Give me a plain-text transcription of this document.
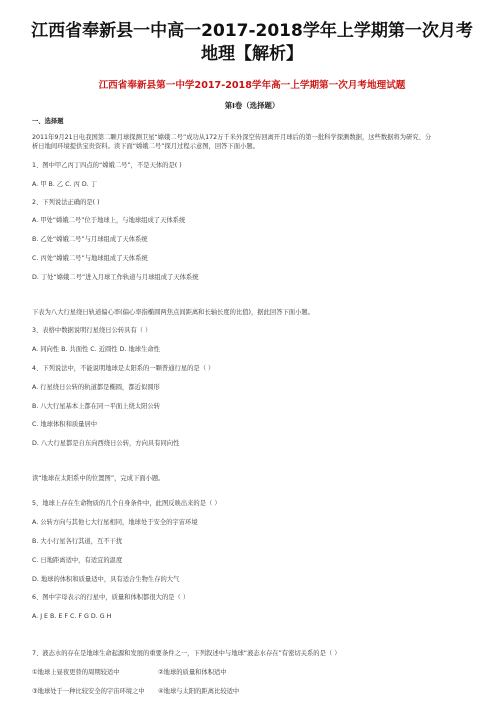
江西省奉新县一中高一2017-2018学年上学期第一次月考
地理【解析】
江西省奉新县第一中学2017-2018学年高一上学期第一次月考地理试题
第Ⅰ卷（选择题）
一、选择题
2011年9月21日电我国第二颗月球探测卫星“嫦娥二号”成功从172万千米外深空传回离开月球后的第一批科学探测数据，这些数据将为研究、分
析日地间环境提供宝贵资料。读下面“嫦娥二号”探月过程示意图，回答下面小题。
1、图中甲乙丙丁四点的“嫦娥二号”，不是天体的是( )
A. 甲 B. 乙 C. 丙 D. 丁
2、下列说法正确的是( )
A. 甲处“嫦娥二号”位于地球上，与地球组成了天体系统
B. 乙处“嫦娥二号”与月球组成了天体系统
C. 丙处“嫦娥二号”与地球组成了天体系统
D. 丁处“嫦娥二号”进入月球工作轨道与月球组成了天体系统
下表为八大行星绕日轨道偏心率(偏心率指椭圆两焦点间距离和长轴长度的比值)，据此回答下面小题。
3、表格中数据说明行星绕日公转具有（ ）
A. 同向性 B. 共面性 C. 近圆性 D. 地球生命性
4、下列说法中，不能说明地球是太阳系的一颗普通行星的是（ ）
A. 行星绕日公转的轨道都是椭圆，都近似圆形
B. 八大行星基本上都在同一平面上绕太阳公转
C. 地球体积和质量居中
D. 八大行星都是自东向西绕日公转，方向具有同向性
读“地球在太阳系中的位置图”，完成下面小题。
5、地球上存在生命物质的几个自身条件中，此图反映出来的是（ ）
A. 公转方向与其他七大行星相同，地球处于安全的宇宙环境
B. 大小行星各行其道，互不干扰
C. 日地距离适中，有适宜的温度
D. 地球的体积和质量适中，具有适合生物生存的大气
6、图中字母表示的行星中，质量和体积都很大的是（ ）
A. J E B. E F C. F G D. G H
7、液态水的存在是地球生命起源和发展的重要条件之一，下列叙述中与地球“液态水存在”有密切关系的是（ ）
①地球上昼夜更替的周期较适中	②地球的质量和体积适中
③地球处于一种比较安全的宇宙环境之中 ④地球与太阳的距离比较适中
